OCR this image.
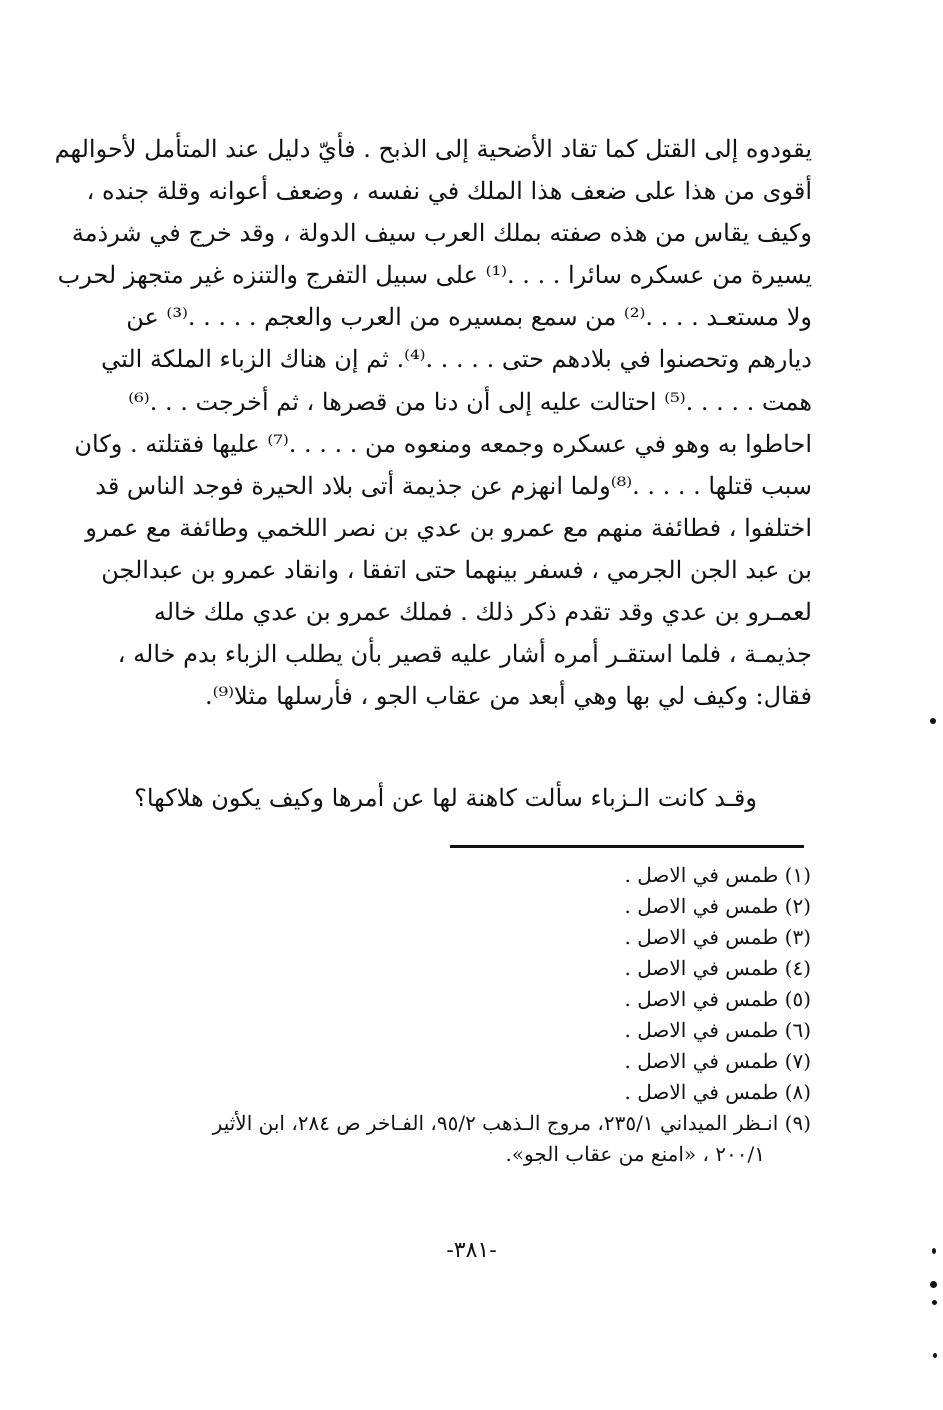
يقودوه إلى القتل كما تقاد الأضحية إلى الذبح . فأيّ دليل عند المتأمل لأحوالهم
أقوى من هذا على ضعف هذا الملك في نفسه ، وضعف أعوانه وقلة جنده ،
وكيف يقاس من هذه صفته بملك العرب سيف الدولة ، وقد خرج في شرذمة
يسيرة من عسكره سائرا . . . .⁽¹⁾ على سبيل التفرج والتنزه غير متجهز لحرب
ولا مستعـد . . . .⁽²⁾ من سمع بمسيره من العرب والعجم . . . . .⁽³⁾ عن
ديارهم وتحصنوا في بلادهم حتى . . . . .⁽⁴⁾. ثم إن هناك الزباء الملكة التي
همت . . . . .⁽⁵⁾ احتالت عليه إلى أن دنا من قصرها ، ثم أخرجت . . .⁽⁶⁾
احاطوا به وهو في عسكره وجمعه ومنعوه من . . . . .⁽⁷⁾ عليها فقتلته . وكان
سبب قتلها . . . . .⁽⁸⁾ولما انهزم عن جذيمة أتى بلاد الحيرة فوجد الناس قد
اختلفوا ، فطائفة منهم مع عمرو بن عدي بن نصر اللخمي وطائفة مع عمرو
بن عبد الجن الجرمي ، فسفر بينهما حتى اتفقا ، وانقاد عمرو بن عبدالجن
لعمـرو بن عدي وقد تقدم ذكر ذلك . فملك عمرو بن عدي ملك خاله
جذيمـة ، فلما استقـر أمره أشار عليه قصير بأن يطلب الزباء بدم خاله ،
فقال: وكيف لي بها وهي أبعد من عقاب الجو ، فأرسلها مثلا⁽⁹⁾.

وقـد كانت الـزباء سألت كاهنة لها عن أمرها وكيف يكون هلاكها؟

(١) طمس في الاصل .
(٢) طمس في الاصل .
(٣) طمس في الاصل .
(٤) طمس في الاصل .
(٥) طمس في الاصل .
(٦) طمس في الاصل .
(٧) طمس في الاصل .
(٨) طمس في الاصل .
(٩) انـظر الميداني ٢٣٥/١، مروج الـذهب ٩٥/٢، الفـاخر ص ٢٨٤، ابن الأثير
٢٠٠/١ ، «امنع من عقاب الجو».
-٣٨١-
